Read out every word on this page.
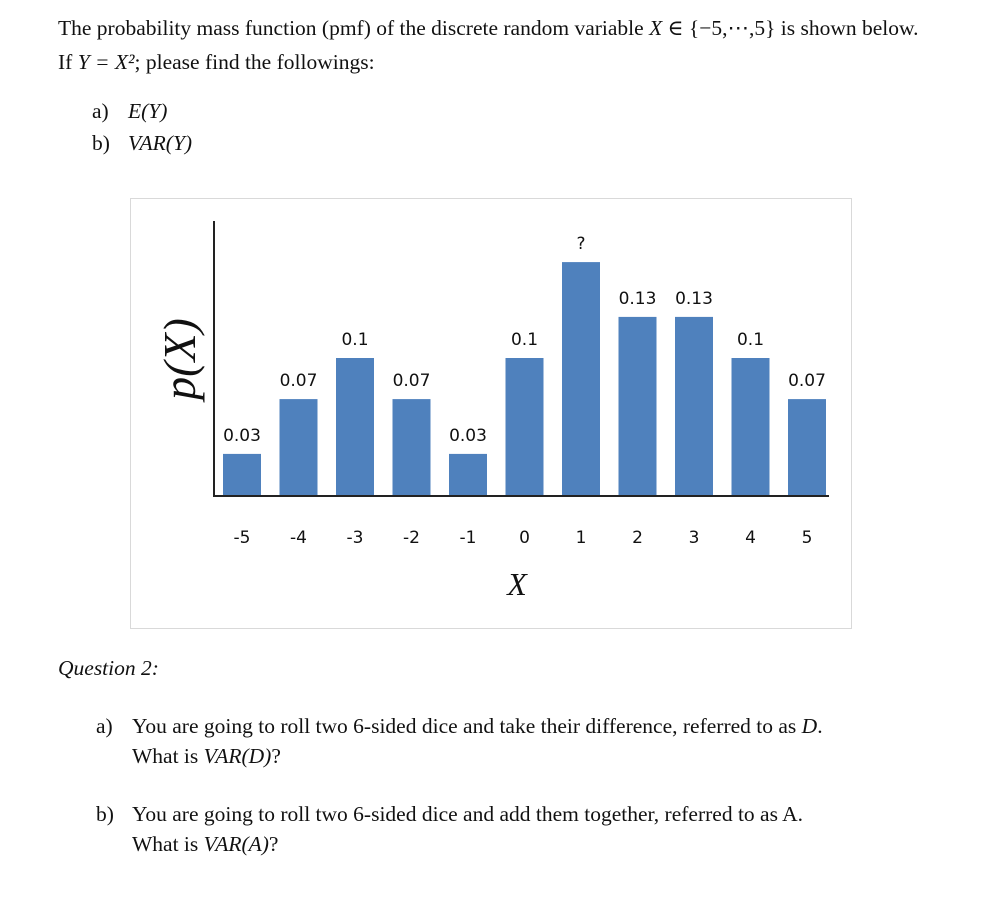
The probability mass function (pmf) of the discrete random variable X ∈ {−5,⋯,5} is shown below. If Y = X²; please find the followings:
a) E(Y)
b) VAR(Y)
p(X)
X
0.03
-5
0.07
-4
0.1
-3
0.07
-2
0.03
-1
0.1
0
?
1
0.13
2
0.13
3
0.1
4
0.07
5
Question 2:
a) You are going to roll two 6-sided dice and take their difference, referred to as D.
What is VAR(D)?
b) You are going to roll two 6-sided dice and add them together, referred to as A.
What is VAR(A)?
